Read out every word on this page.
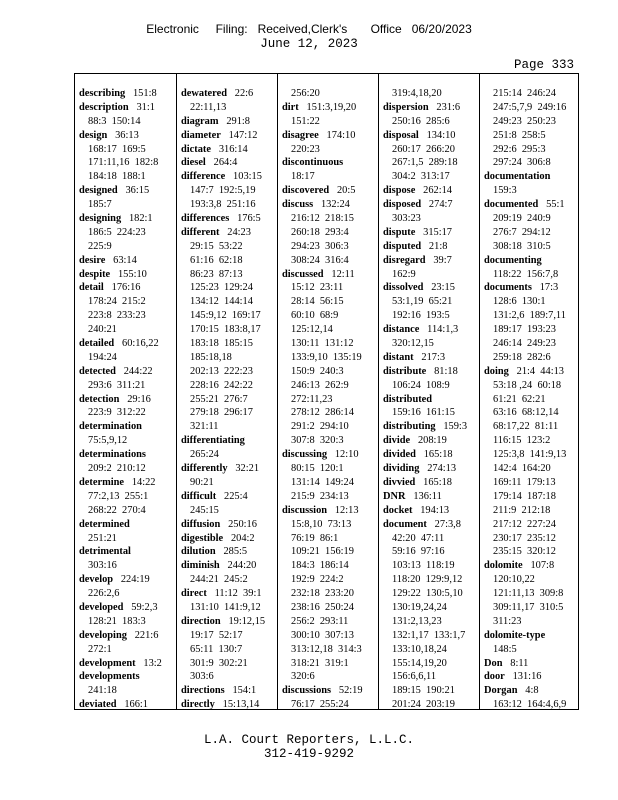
Electronic     Filing:   Received,Clerk's       Office   06/20/2023
June 12, 2023
Page 333
describing 151:8
description 31:1
88:3  150:14
design 36:13
168:17  169:5
171:11,16  182:8
184:18  188:1
designed 36:15
185:7
designing 182:1
186:5  224:23
225:9
desire 63:14
despite 155:10
detail 176:16
178:24  215:2
223:8  233:23
240:21
detailed 60:16,22
194:24
detected 244:22
293:6  311:21
detection 29:16
223:9  312:22
determination
75:5,9,12
determinations
209:2  210:12
determine 14:22
77:2,13  255:1
268:22  270:4
determined
251:21
detrimental
303:16
develop 224:19
226:2,6
developed 59:2,3
128:21  183:3
developing 221:6
272:1
development 13:2
developments
241:18
deviated 166:1
dewatered 22:6
22:11,13
diagram 291:8
diameter 147:12
dictate 316:14
diesel 264:4
difference 103:15
147:7  192:5,19
193:3,8  251:16
differences 176:5
different 24:23
29:15  53:22
61:16  62:18
86:23  87:13
125:23  129:24
134:12  144:14
145:9,12  169:17
170:15  183:8,17
183:18  185:15
185:18,18
202:13  222:23
228:16  242:22
255:21  276:7
279:18  296:17
321:11
differentiating
265:24
differently 32:21
90:21
difficult 225:4
245:15
diffusion 250:16
digestible 204:2
dilution 285:5
diminish 244:20
244:21  245:2
direct 11:12  39:1
131:10  141:9,12
direction 19:12,15
19:17  52:17
65:11  130:7
301:9  302:21
303:6
directions 154:1
directly 15:13,14
256:20
dirt 151:3,19,20
151:22
disagree 174:10
220:23
discontinuous
18:17
discovered 20:5
discuss 132:24
216:12  218:15
260:18  293:4
294:23  306:3
308:24  316:4
discussed 12:11
15:12  23:11
28:14  56:15
60:10  68:9
125:12,14
130:11  131:12
133:9,10  135:19
150:9  240:3
246:13  262:9
272:11,23
278:12  286:14
291:2  294:10
307:8  320:3
discussing 12:10
80:15  120:1
131:14  149:24
215:9  234:13
discussion 12:13
15:8,10  73:13
76:19  86:1
109:21  156:19
184:3  186:14
192:9  224:2
232:18  233:20
238:16  250:24
256:2  293:11
300:10  307:13
313:12,18  314:3
318:21  319:1
320:6
discussions 52:19
76:17  255:24
319:4,18,20
dispersion 231:6
250:16  285:6
disposal 134:10
260:17  266:20
267:1,5  289:18
304:2  313:17
dispose 262:14
disposed 274:7
303:23
dispute 315:17
disputed 21:8
disregard 39:7
162:9
dissolved 23:15
53:1,19  65:21
192:16  193:5
distance 114:1,3
320:12,15
distant 217:3
distribute 81:18
106:24  108:9
distributed
159:16  161:15
distributing 159:3
divide 208:19
divided 165:18
dividing 274:13
divvied 165:18
DNR 136:11
docket 194:13
document 27:3,8
42:20  47:11
59:16  97:16
103:13  118:19
118:20  129:9,12
129:22  130:5,10
130:19,24,24
131:2,13,23
132:1,17  133:1,7
133:10,18,24
155:14,19,20
156:6,6,11
189:15  190:21
201:24  203:19
215:14  246:24
247:5,7,9  249:16
249:23  250:23
251:8  258:5
292:6  295:3
297:24  306:8
documentation
159:3
documented 55:1
209:19  240:9
276:7  294:12
308:18  310:5
documenting
118:22  156:7,8
documents 17:3
128:6  130:1
131:2,6  189:7,11
189:17  193:23
246:14  249:23
259:18  282:6
doing 21:4  44:13
53:18 ,24  60:18
61:21  62:21
63:16  68:12,14
68:17,22  81:11
116:15  123:2
125:3,8  141:9,13
142:4  164:20
169:11  179:13
179:14  187:18
211:9  212:18
217:12  227:24
230:17  235:12
235:15  320:12
dolomite 107:8
120:10,22
121:11,13  309:8
309:11,17  310:5
311:23
dolomite-type
148:5
Don 8:11
door 131:16
Dorgan 4:8
163:12  164:4,6,9
L.A. Court Reporters, L.L.C.
312-419-9292
